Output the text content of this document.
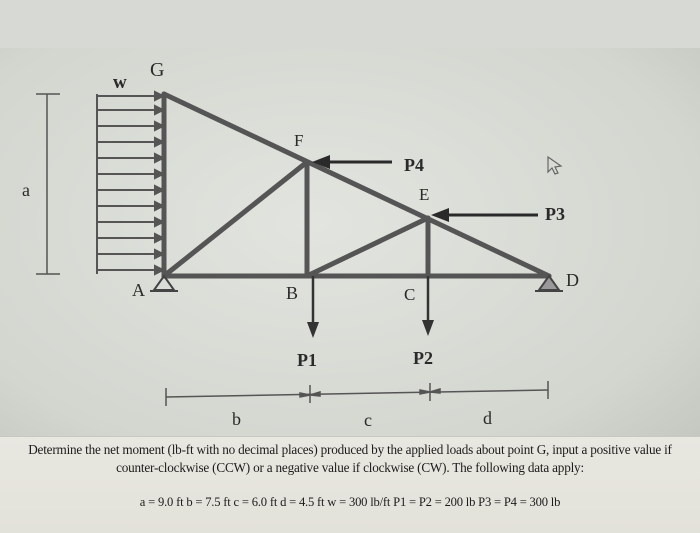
w
G
F
P4
E
P3
D
a
A	B	C
P1	P2
b	c	d
Determine the net moment (lb-ft with no decimal places) produced by the applied loads about point G, input a positive value if counter-clockwise (CCW) or a negative value if clockwise (CW). The following data apply:
a = 9.0 ft b = 7.5 ft c = 6.0 ft d = 4.5 ft w = 300 lb/ft P1 = P2 = 200 lb P3 = P4 = 300 lb
